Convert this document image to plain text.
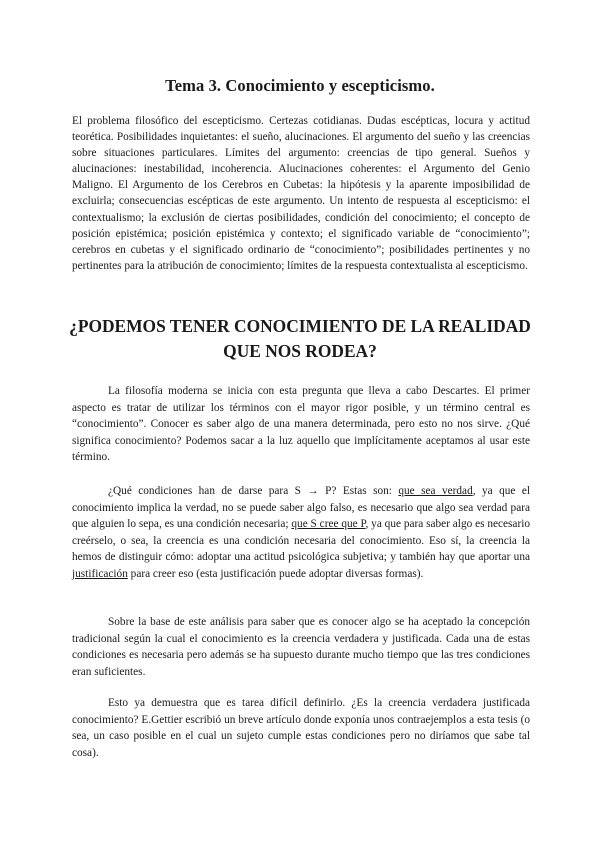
Tema 3. Conocimiento y escepticismo.

El problema filosófico del escepticismo. Certezas cotidianas. Dudas escépticas, locura y actitud teorética. Posibilidades inquietantes: el sueño, alucinaciones. El argumento del sueño y las creencias sobre situaciones particulares. Límites del argumento: creencias de tipo general. Sueños y alucinaciones: inestabilidad, incoherencia. Alucinaciones coherentes: el Argumento del Genio Maligno. El Argumento de los Cerebros en Cubetas: la hipótesis y la aparente imposibilidad de excluirla; consecuencias escépticas de este argumento. Un intento de respuesta al escepticismo: el contextualismo; la exclusión de ciertas posibilidades, condición del conocimiento; el concepto de posición epistémica; posición epistémica y contexto; el significado variable de “conocimiento”; cerebros en cubetas y el significado ordinario de “conocimiento”; posibilidades pertinentes y no pertinentes para la atribución de conocimiento; límites de la respuesta contextualista al escepticismo.

¿PODEMOS TENER CONOCIMIENTO DE LA REALIDAD QUE NOS RODEA?

La filosofía moderna se inicia con esta pregunta que lleva a cabo Descartes. El primer aspecto es tratar de utilizar los términos con el mayor rigor posible, y un término central es “conocimiento”. Conocer es saber algo de una manera determinada, pero esto no nos sirve. ¿Qué significa conocimiento? Podemos sacar a la luz aquello que implícitamente aceptamos al usar este término.

¿Qué condiciones han de darse para S → P? Estas son: que sea verdad, ya que el conocimiento implica la verdad, no se puede saber algo falso, es necesario que algo sea verdad para que alguien lo sepa, es una condición necesaria; que S cree que P, ya que para saber algo es necesario creérselo, o sea, la creencia es una condición necesaria del conocimiento. Eso sí, la creencia la hemos de distinguir cómo: adoptar una actitud psicológica subjetiva; y también hay que aportar una justificación para creer eso (esta justificación puede adoptar diversas formas).

Sobre la base de este análisis para saber que es conocer algo se ha aceptado la concepción tradicional según la cual el conocimiento es la creencia verdadera y justificada. Cada una de estas condiciones es necesaria pero además se ha supuesto durante mucho tiempo que las tres condiciones eran suficientes.

Esto ya demuestra que es tarea difícil definirlo. ¿Es la creencia verdadera justificada conocimiento? E.Gettier escribió un breve artículo donde exponía unos contraejemplos a esta tesis (o sea, un caso posible en el cual un sujeto cumple estas condiciones pero no diríamos que sabe tal cosa).
